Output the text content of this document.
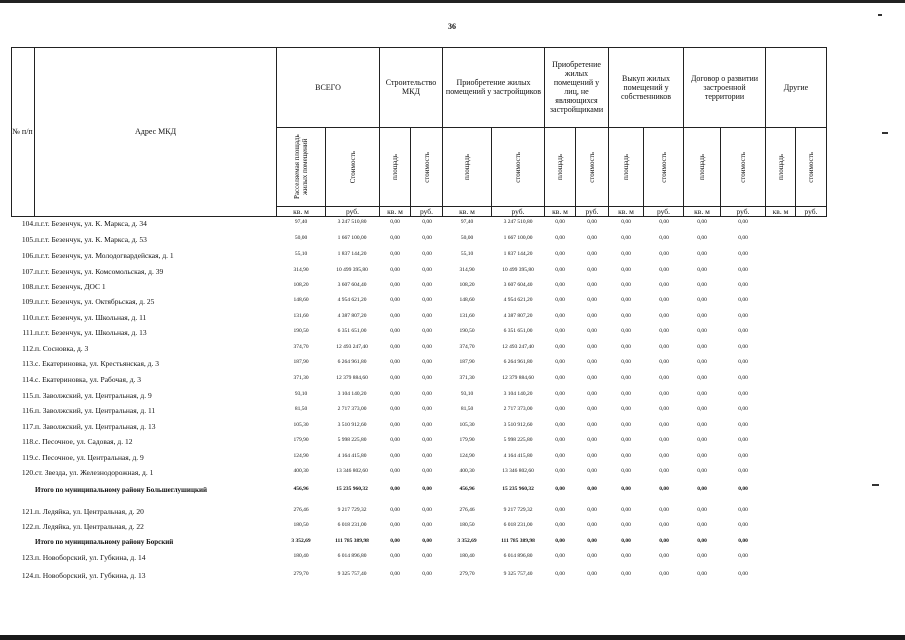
36
№ п/п	Адрес МКД
ВСЕГО	Строительство МКД
Приобретение жилых помещений у застройщиков
Приобретение жилых помещений у лиц, не являющихся застройщиками
Выкуп жилых помещений у собственников
Договор о развитии застроенной территории
Другие
Расселяемая площадь жилых помещений	Стоимость	площадь	стоимость	площадь	стоимость	площадь	стоимость	площадь	стоимость	площадь	стоимость	площадь	стоимость
кв. м	руб.	кв. м руб.	кв. м	руб.	кв. м руб.	кв. м	руб.	кв. м	руб.	кв. м руб.
104. п.г.т. Безенчук, ул. К. Маркса, д. 34	97,40	3 247 510,80	0,00	0,00	97,40	3 247 510,80	0,00	0,00	0,00	0,00	0,00	0,00
105. п.г.т. Безенчук, ул. К. Маркса, д. 53	50,00	1 667 100,00	0,00	0,00	50,00	1 667 100,00	0,00	0,00	0,00	0,00	0,00	0,00
106. п.г.т. Безенчук, ул. Молодогвардейская, д. 1	55,10	1 837 144,20	0,00	0,00	55,10	1 837 144,20	0,00	0,00	0,00	0,00	0,00	0,00
107. п.г.т. Безенчук, ул. Комсомольская, д. 39	314,90	10 499 395,80	0,00	0,00	314,90	10 499 395,80	0,00	0,00	0,00	0,00	0,00	0,00
108. п.г.т. Безенчук, ДОС 1	108,20	3 607 604,40	0,00	0,00	108,20	3 607 604,40	0,00	0,00	0,00	0,00	0,00	0,00
109. п.г.т. Безенчук, ул. Октябрьская, д. 25	148,60	4 954 621,20	0,00	0,00	148,60	4 954 621,20	0,00	0,00	0,00	0,00	0,00	0,00
110. п.г.т. Безенчук, ул. Школьная, д. 11	131,60	4 387 807,20	0,00	0,00	131,60	4 387 807,20	0,00	0,00	0,00	0,00	0,00	0,00
111. п.г.т. Безенчук, ул. Школьная, д. 13	190,50	6 351 651,00	0,00	0,00	190,50	6 351 651,00	0,00	0,00	0,00	0,00	0,00	0,00
112. п. Сосновка, д. 3	374,70	12 493 247,40	0,00	0,00	374,70	12 493 247,40	0,00	0,00	0,00	0,00	0,00	0,00
113. с. Екатериновка, ул. Крестьянская, д. 3	187,90	6 264 961,80	0,00	0,00	187,90	6 264 961,80	0,00	0,00	0,00	0,00	0,00	0,00
114. с. Екатериновка, ул. Рабочая, д. 3	371,30	12 379 884,60	0,00	0,00	371,30	12 379 884,60	0,00	0,00	0,00	0,00	0,00	0,00
115. п. Заволжский, ул. Центральная, д. 9	93,10	3 104 140,20	0,00	0,00	93,10	3 104 140,20	0,00	0,00	0,00	0,00	0,00	0,00
116. п. Заволжский, ул. Центральная, д. 11	81,50	2 717 373,00	0,00	0,00	81,50	2 717 373,00	0,00	0,00	0,00	0,00	0,00	0,00
117. п. Заволжский, ул. Центральная, д. 13	105,30	3 510 912,60	0,00	0,00	105,30	3 510 912,60	0,00	0,00	0,00	0,00	0,00	0,00
118. с. Песочное, ул. Садовая, д. 12	179,90	5 998 225,80	0,00	0,00	179,90	5 998 225,80	0,00	0,00	0,00	0,00	0,00	0,00
119. с. Песочное, ул. Центральная, д. 9	124,90	4 164 415,80	0,00	0,00	124,90	4 164 415,80	0,00	0,00	0,00	0,00	0,00	0,00
120. ст. Звезда, ул. Железнодорожная, д. 1	400,30	13 346 802,60	0,00	0,00	400,30	13 346 802,60	0,00	0,00	0,00	0,00	0,00	0,00
Итого по муниципальному району Большеглушицкий	456,96	15 235 960,32	0,00	0,00	456,96	15 235 960,32	0,00	0,00	0,00	0,00	0,00	0,00
121. п. Ледяйка, ул. Центральная, д. 20	276,46	9 217 729,32	0,00	0,00	276,46	9 217 729,32	0,00	0,00	0,00	0,00	0,00	0,00
122. п. Ледяйка, ул. Центральная, д. 22	180,50	6 018 231,00	0,00	0,00	180,50	6 018 231,00	0,00	0,00	0,00	0,00	0,00	0,00
Итого по муниципальному району Борский	3 352,69	111 785 389,98	0,00	0,00	3 352,69	111 785 389,98	0,00	0,00	0,00	0,00	0,00	0,00
123. п. Новоборский, ул. Губкина, д. 14	180,40	6 014 896,80	0,00	0,00	180,40	6 014 896,80	0,00	0,00	0,00	0,00	0,00	0,00
124. п. Новоборский, ул. Губкина, д. 13	279,70	9 325 757,40	0,00	0,00	279,70	9 325 757,40	0,00	0,00	0,00	0,00	0,00	0,00
